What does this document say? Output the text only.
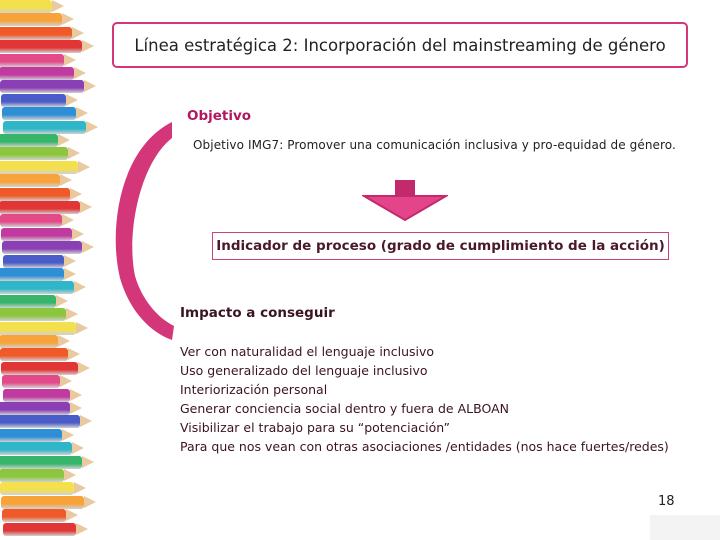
Línea estratégica 2: Incorporación del mainstreaming de género
Objetivo
Objetivo IMG7: Promover una comunicación inclusiva y pro-equidad de género.
Indicador de proceso (grado de cumplimiento de la acción)
Impacto a conseguir
Ver con naturalidad el lenguaje inclusivo
Uso generalizado del lenguaje inclusivo
Interiorización personal
Generar conciencia social dentro y fuera de ALBOAN
Visibilizar el trabajo para su “potenciación”
Para que nos vean con otras asociaciones /entidades (nos hace fuertes/redes)
18
